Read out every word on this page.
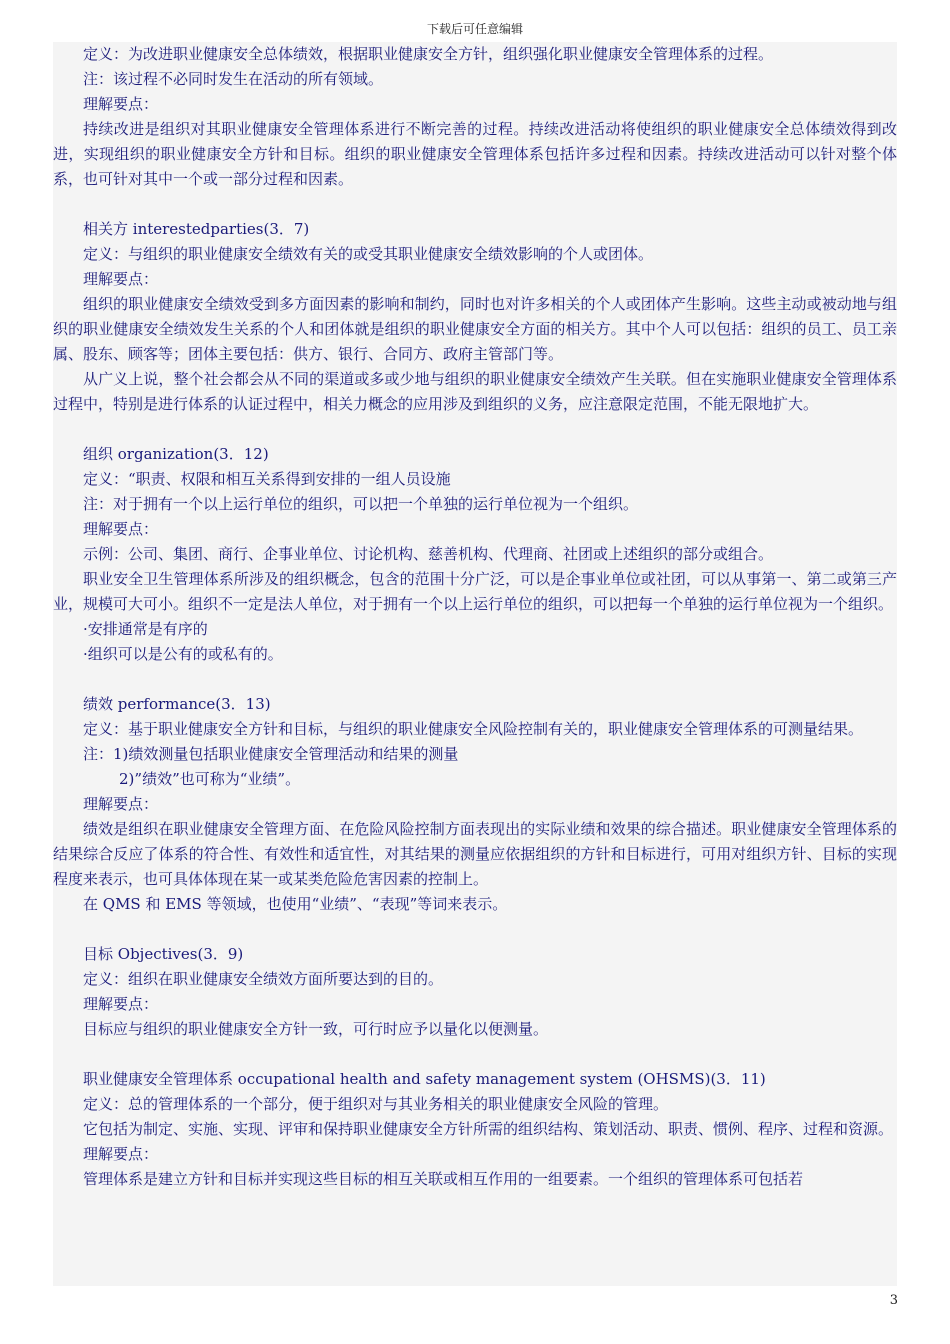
下载后可任意编辑

定义：为改进职业健康安全总体绩效，根据职业健康安全方针，组织强化职业健康安全管理体系的过程。

注：该过程不必同时发生在活动的所有领域。

理解要点：

持续改进是组织对其职业健康安全管理体系进行不断完善的过程。持续改进活动将使组织的职业健康安全总体绩效得到改进，实现组织的职业健康安全方针和目标。组织的职业健康安全管理体系包括许多过程和因素。持续改进活动可以针对整个体系，也可针对其中一个或一部分过程和因素。

相关方 interestedparties(3．7)

定义：与组织的职业健康安全绩效有关的或受其职业健康安全绩效影响的个人或团体。

理解要点：

组织的职业健康安全绩效受到多方面因素的影响和制约，同时也对许多相关的个人或团体产生影响。这些主动或被动地与组织的职业健康安全绩效发生关系的个人和团体就是组织的职业健康安全方面的相关方。其中个人可以包括：组织的员工、员工亲属、股东、顾客等；团体主要包括：供方、银行、合同方、政府主管部门等。

从广义上说，整个社会都会从不同的渠道或多或少地与组织的职业健康安全绩效产生关联。但在实施职业健康安全管理体系过程中，特别是进行体系的认证过程中，相关力概念的应用涉及到组织的义务，应注意限定范围，不能无限地扩大。

组织 organization(3．12)

定义：“职责、权限和相互关系得到安排的一组人员设施

注：对于拥有一个以上运行单位的组织，可以把一个单独的运行单位视为一个组织。

理解要点：

示例：公司、集团、商行、企事业单位、讨论机构、慈善机构、代理商、社团或上述组织的部分或组合。

职业安全卫生管理体系所涉及的组织概念，包含的范围十分广泛，可以是企事业单位或社团，可以从事第一、第二或第三产业，规模可大可小。组织不一定是法人单位，对于拥有一个以上运行单位的组织，可以把每一个单独的运行单位视为一个组织。

·安排通常是有序的

·组织可以是公有的或私有的。

绩效 performance(3．13)

定义：基于职业健康安全方针和目标，与组织的职业健康安全风险控制有关的，职业健康安全管理体系的可测量结果。

注：1)绩效测量包括职业健康安全管理活动和结果的测量

2)”绩效”也可称为“业绩”。

理解要点：

绩效是组织在职业健康安全管理方面、在危险风险控制方面表现出的实际业绩和效果的综合描述。职业健康安全管理体系的结果综合反应了体系的符合性、有效性和适宜性，对其结果的测量应依据组织的方针和目标进行，可用对组织方针、目标的实现程度来表示，也可具体体现在某一或某类危险危害因素的控制上。

在 QMS 和 EMS 等领域，也使用“业绩”、“表现”等词来表示。

目标 Objectives(3．9)

定义：组织在职业健康安全绩效方面所要达到的目的。

理解要点：

目标应与组织的职业健康安全方针一致，可行时应予以量化以便测量。

职业健康安全管理体系 occupational health and safety management system (OHSMS)(3．11)

定义：总的管理体系的一个部分，便于组织对与其业务相关的职业健康安全风险的管理。

它包括为制定、实施、实现、评审和保持职业健康安全方针所需的组织结构、策划活动、职责、惯例、程序、过程和资源。

理解要点：

管理体系是建立方针和目标并实现这些目标的相互关联或相互作用的一组要素。一个组织的管理体系可包括若

3
